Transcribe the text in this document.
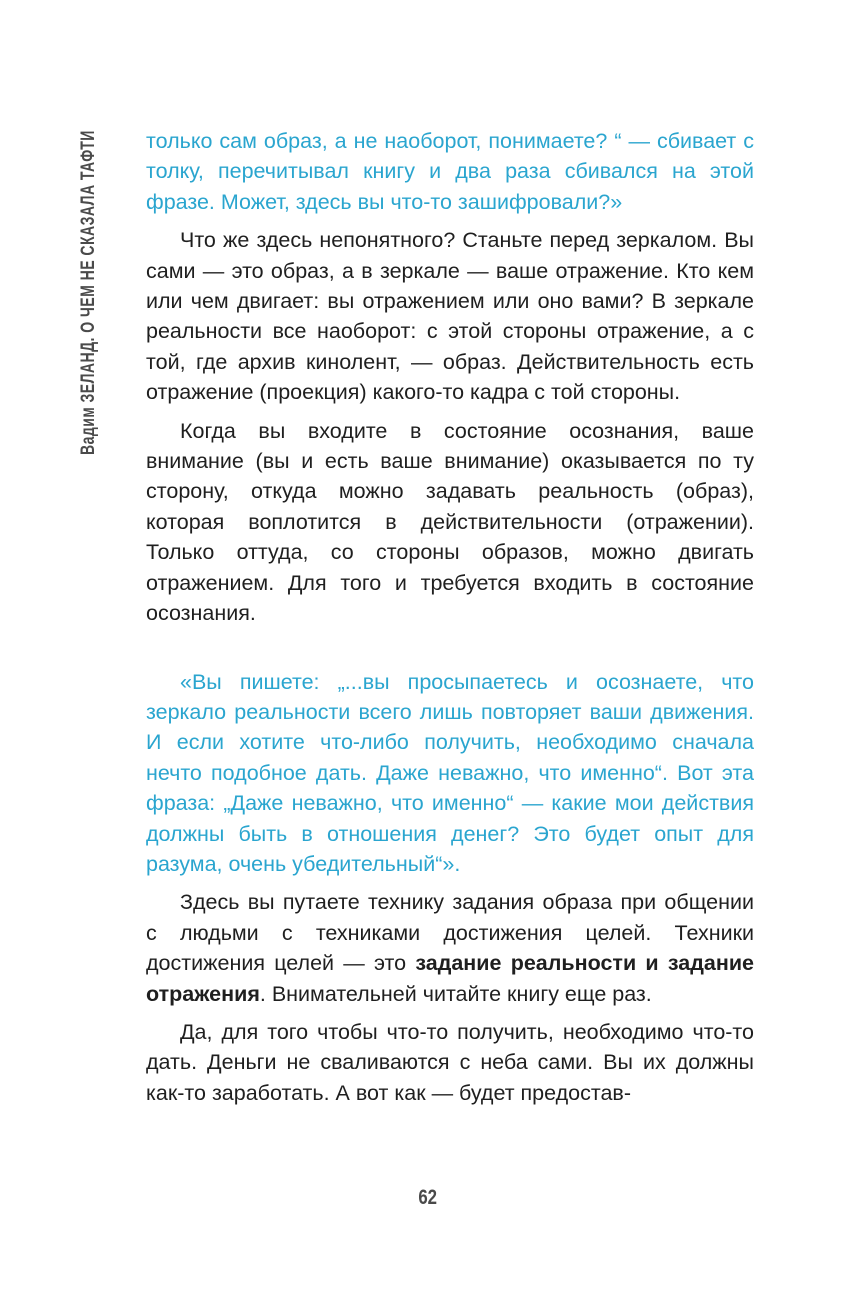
Вадим ЗЕЛАНД. О ЧЕМ НЕ СКАЗАЛА ТАФТИ только сам образ, а не наоборот, понимаете? “ — сбивает с толку, перечитывал книгу и два раза сбивался на этой фразе. Может, здесь вы что-то зашифровали?»

Что же здесь непонятного? Станьте перед зеркалом. Вы сами — это образ, а в зеркале — ваше отражение. Кто кем или чем двигает: вы отражением или оно вами? В зеркале реальности все наоборот: с этой стороны отражение, а с той, где архив кинолент, — образ. Действительность есть отражение (проекция) какого-то кадра с той стороны.

Когда вы входите в состояние осознания, ваше внимание (вы и есть ваше внимание) оказывается по ту сторону, откуда можно задавать реальность (образ), которая воплотится в действительности (отражении). Только оттуда, со стороны образов, можно двигать отражением. Для того и требуется входить в состояние осознания.

«Вы пишете: „...вы просыпаетесь и осознаете, что зеркало реальности всего лишь повторяет ваши движения. И если хотите что-либо получить, необходимо сначала нечто подобное дать. Даже неважно, что именно“. Вот эта фраза: „Даже неважно, что именно“ — какие мои действия должны быть в отношения денег? Это будет опыт для разума, очень убедительный“».

Здесь вы путаете технику задания образа при общении с людьми с техниками достижения целей. Техники достижения целей — это задание реальности и задание отражения. Внимательней читайте книгу еще раз.

Да, для того чтобы что-то получить, необходимо что-то дать. Деньги не сваливаются с неба сами. Вы их должны как-то заработать. А вот как — будет предостав-

62
